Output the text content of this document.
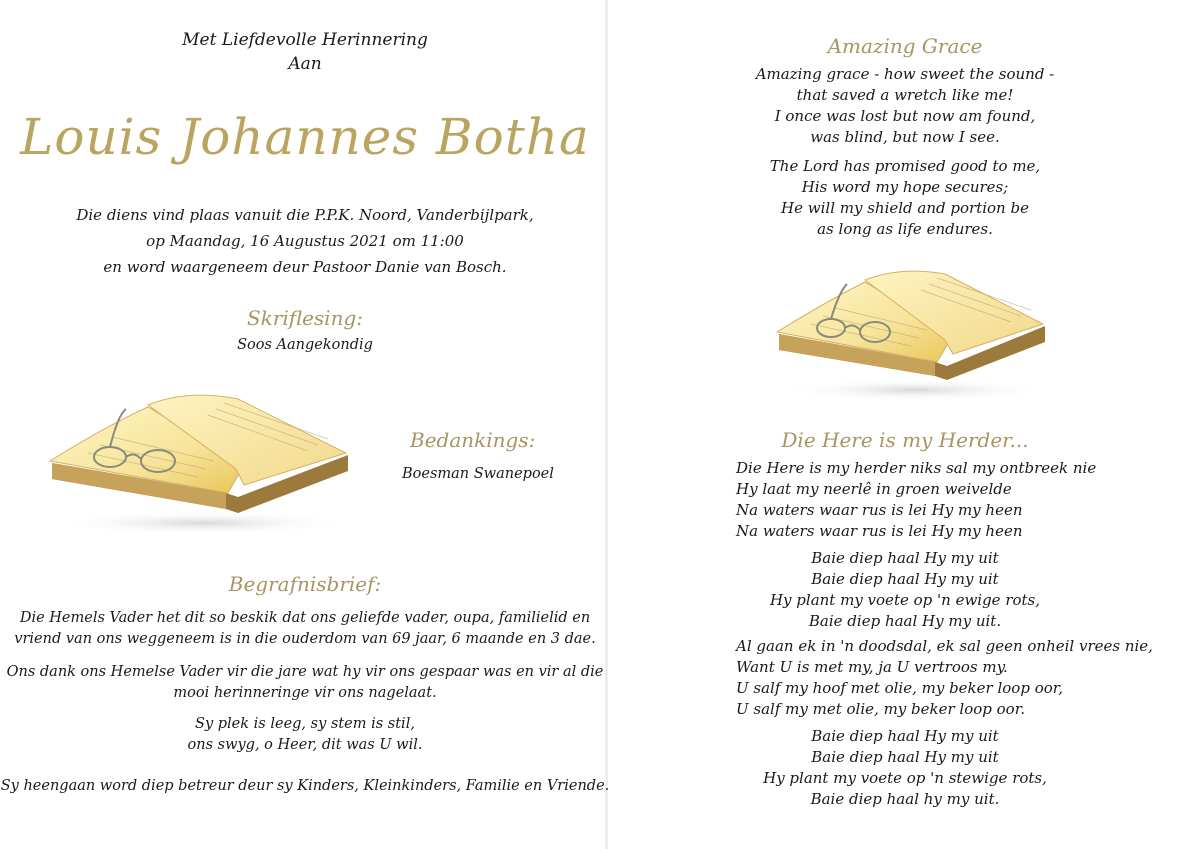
Met Liefdevolle Herinnering
Aan
Louis Johannes Botha
Die diens vind plaas vanuit die P.P.K. Noord, Vanderbijlpark,
op Maandag, 16 Augustus 2021 om 11:00
en word waargeneem deur Pastoor Danie van Bosch.
Skriflesing:
Soos Aangekondig
Bedankings:
Boesman Swanepoel
Begrafnisbrief:
Die Hemels Vader het dit so beskik dat ons geliefde vader, oupa, familielid en
vriend van ons weggeneem is in die ouderdom van 69 jaar, 6 maande en 3 dae.
Ons dank ons Hemelse Vader vir die jare wat hy vir ons gespaar was en vir al die
mooi herinneringe vir ons nagelaat.
Sy plek is leeg, sy stem is stil,
ons swyg, o Heer, dit was U wil.
Sy heengaan word diep betreur deur sy Kinders, Kleinkinders, Familie en Vriende.
Amazing Grace
Amazing grace - how sweet the sound -
that saved a wretch like me!
I once was lost but now am found,
was blind, but now I see.
The Lord has promised good to me,
His word my hope secures;
He will my shield and portion be
as long as life endures.
Die Here is my Herder...
Die Here is my herder niks sal my ontbreek nie
Hy laat my neerlê in groen weivelde
Na waters waar rus is lei Hy my heen
Na waters waar rus is lei Hy my heen
Baie diep haal Hy my uit
Baie diep haal Hy my uit
Hy plant my voete op 'n ewige rots,
Baie diep haal Hy my uit.
Al gaan ek in 'n doodsdal, ek sal geen onheil vrees nie,
Want U is met my, ja U vertroos my.
U salf my hoof met olie, my beker loop oor,
U salf my met olie, my beker loop oor.
Baie diep haal Hy my uit
Baie diep haal Hy my uit
Hy plant my voete op 'n stewige rots,
Baie diep haal hy my uit.
